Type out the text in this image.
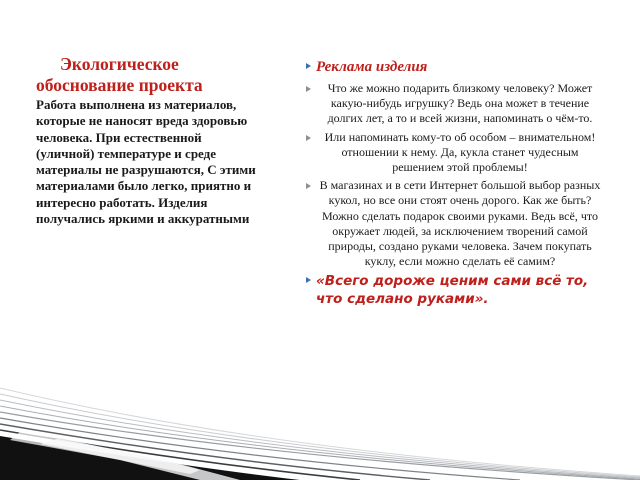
Экологическое обоснование проекта

Работа выполнена из материалов, которые не наносят вреда здоровью человека. При естественной (уличной) температуре и среде материалы не разрушаются, С этими материалами было легко, приятно и интересно работать. Изделия получались яркими и аккуратными

Реклама изделия

Что же можно подарить близкому человеку? Может какую-нибудь игрушку? Ведь она может в течение долгих лет, а то и всей жизни, напоминать о чём-то.

Или напоминать кому-то об особом – внимательном! отношении к нему. Да, кукла станет чудесным решением этой проблемы!

В магазинах и в сети Интернет большой выбор разных кукол, но все они стоят очень дорого. Как же быть? Можно сделать подарок своими руками. Ведь всё, что окружает людей, за исключением творений самой природы, создано руками человека. Зачем покупать куклу, если можно сделать её самим?

«Всего дороже ценим сами всё то, что сделано руками».
